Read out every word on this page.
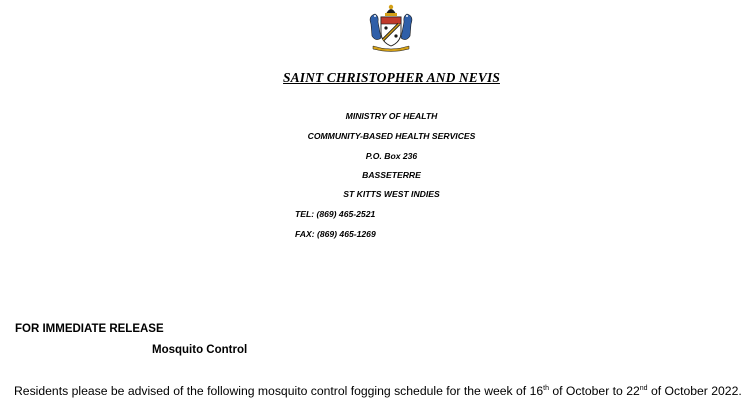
SAINT CHRISTOPHER AND NEVIS
MINISTRY OF HEALTH
COMMUNITY-BASED HEALTH SERVICES
P.O. Box 236
BASSETERRE
ST KITTS WEST INDIES
TEL: (869) 465-2521
FAX: (869) 465-1269
FOR IMMEDIATE RELEASE
Mosquito Control
Residents please be advised of the following mosquito control fogging schedule for the week of 16th of October to 22nd of October 2022.
